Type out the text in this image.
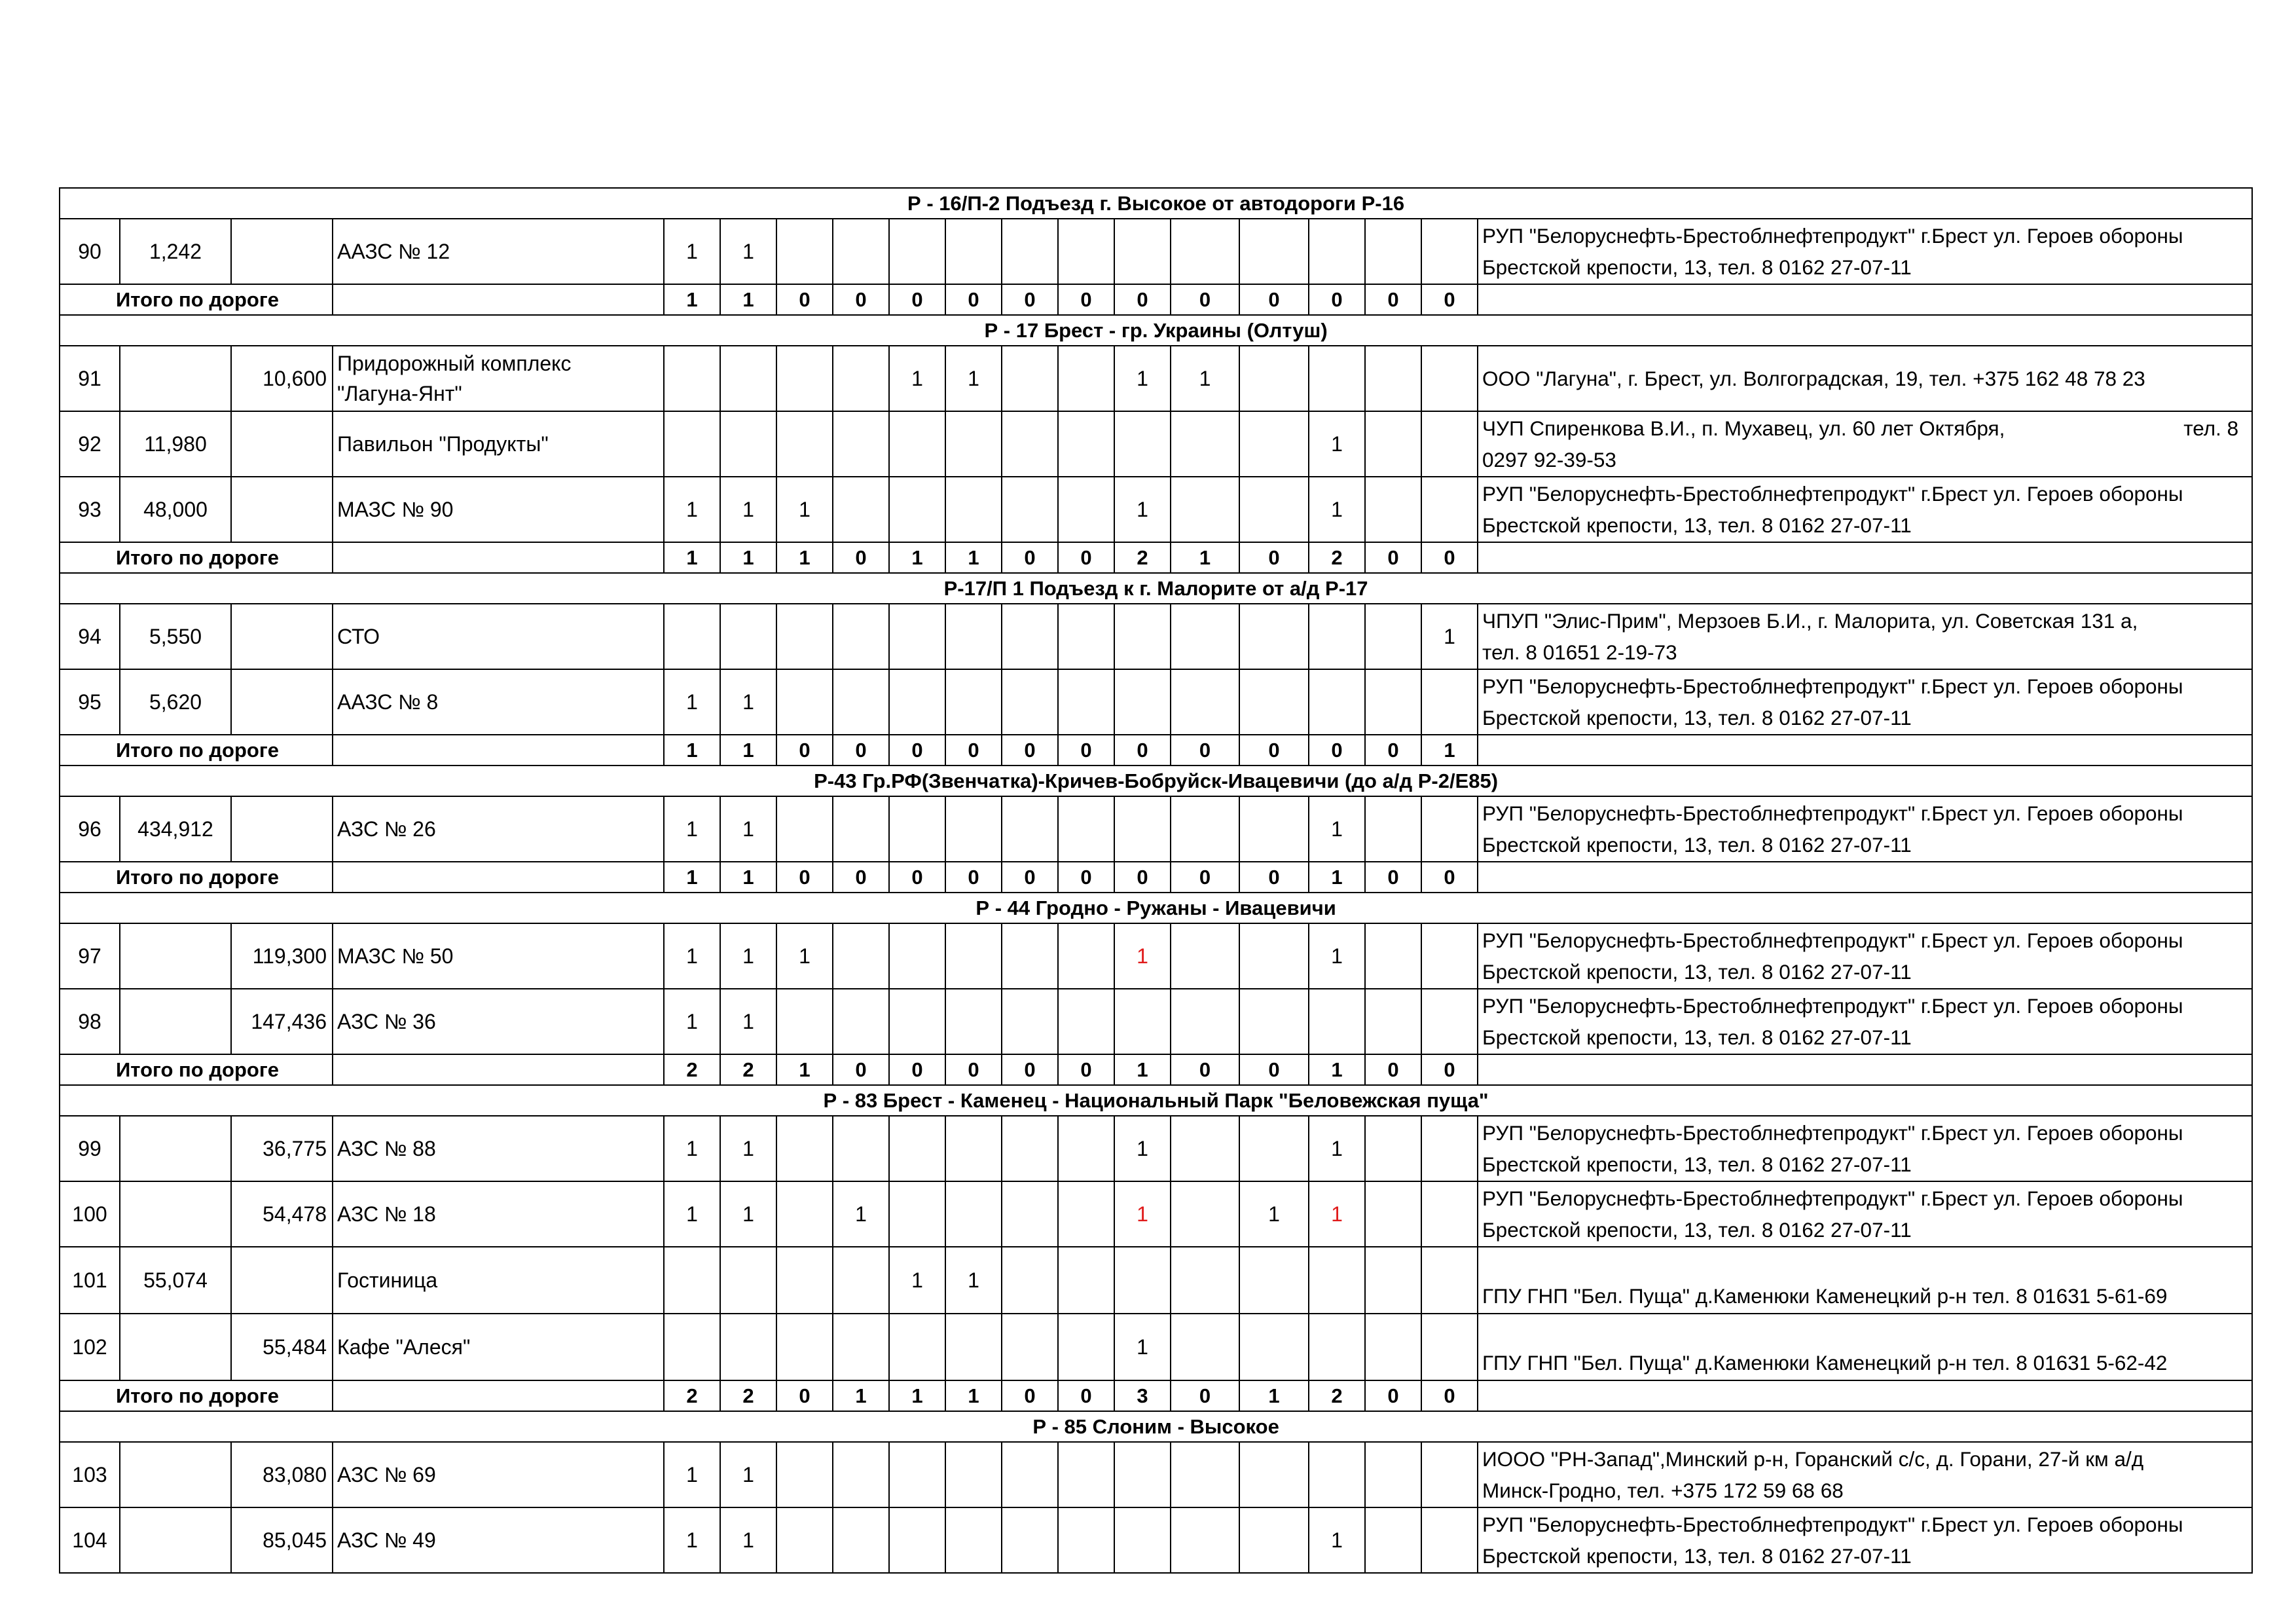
Р - 16/П-2 Подъезд г. Высокое от автодороги Р-16																		
90	1,242		ААЗС № 12	1	1													РУП "Белоруснефть-Брестоблнефтепродукт" г.Брест ул. Героев обороны
Брестской крепости, 13, тел. 8 0162 27-07-11

Итого по дороге				1	1	0	0	0	0	0	0	0	0	0	0	0	0	
Р - 17 Брест - гр. Украины (Олтуш)																		
91		10,600	Придорожный комплекс
"Лагуна-Янт"					1	1			1	1					ООО "Лагуна", г. Брест, ул. Волгоградская, 19, тел. +375 162 48 78 23

92	11,980		Павильон "Продукты"												1			ЧУП Спиренкова В.И., п. Мухавец, ул. 60 лет Октября, тел. 8
0297 92-39-53

93	48,000		МАЗС № 90	1	1	1						1			1			РУП "Белоруснефть-Брестоблнефтепродукт" г.Брест ул. Героев обороны
Брестской крепости, 13, тел. 8 0162 27-07-11

Итого по дороге				1	1	1	0	1	1	0	0	2	1	0	2	0	0	
Р-17/П 1 Подъезд к г. Малорите от а/д Р-17																		
94	5,550		СТО														1	ЧПУП "Элис-Прим", Мерзоев Б.И., г. Малорита, ул. Советская 131 а,
тел. 8 01651 2-19-73

95	5,620		ААЗС № 8	1	1													РУП "Белоруснефть-Брестоблнефтепродукт" г.Брест ул. Героев обороны
Брестской крепости, 13, тел. 8 0162 27-07-11

Итого по дороге				1	1	0	0	0	0	0	0	0	0	0	0	0	1	
Р-43 Гр.РФ(Звенчатка)-Кричев-Бобруйск-Ивацевичи (до а/д Р-2/Е85)																		
96	434,912		АЗС № 26	1	1										1			РУП "Белоруснефть-Брестоблнефтепродукт" г.Брест ул. Героев обороны
Брестской крепости, 13, тел. 8 0162 27-07-11

Итого по дороге				1	1	0	0	0	0	0	0	0	0	0	1	0	0	
Р - 44 Гродно - Ружаны - Ивацевичи																		
97		119,300	МАЗС № 50	1	1	1						1			1			РУП "Белоруснефть-Брестоблнефтепродукт" г.Брест ул. Героев обороны
Брестской крепости, 13, тел. 8 0162 27-07-11

98		147,436	АЗС № 36	1	1													РУП "Белоруснефть-Брестоблнефтепродукт" г.Брест ул. Героев обороны
Брестской крепости, 13, тел. 8 0162 27-07-11

Итого по дороге				2	2	1	0	0	0	0	0	1	0	0	1	0	0	
Р - 83 Брест - Каменец - Национальный Парк "Беловежская пуща"																		
99		36,775	АЗС № 88	1	1							1			1			РУП "Белоруснефть-Брестоблнефтепродукт" г.Брест ул. Героев обороны
Брестской крепости, 13, тел. 8 0162 27-07-11

100		54,478	АЗС № 18	1	1		1					1		1	1			РУП "Белоруснефть-Брестоблнефтепродукт" г.Брест ул. Героев обороны
Брестской крепости, 13, тел. 8 0162 27-07-11

101	55,074		Гостиница					1	1									ГПУ ГНП "Бел. Пуща" д.Каменюки Каменецкий р-н тел. 8 01631 5-61-69

102		55,484	Кафе "Алеся"									1						ГПУ ГНП "Бел. Пуща" д.Каменюки Каменецкий р-н тел. 8 01631 5-62-42

Итого по дороге				2	2	0	1	1	1	0	0	3	0	1	2	0	0	
Р - 85 Слоним - Высокое																		
103		83,080	АЗС № 69	1	1													ИООО "РН-Запад",Минский р-н, Горанский с/с, д. Горани, 27-й км а/д
Минск-Гродно, тел. +375 172 59 68 68

104		85,045	АЗС № 49	1	1										1			РУП "Белоруснефть-Брестоблнефтепродукт" г.Брест ул. Героев обороны
Брестской крепости, 13, тел. 8 0162 27-07-11
